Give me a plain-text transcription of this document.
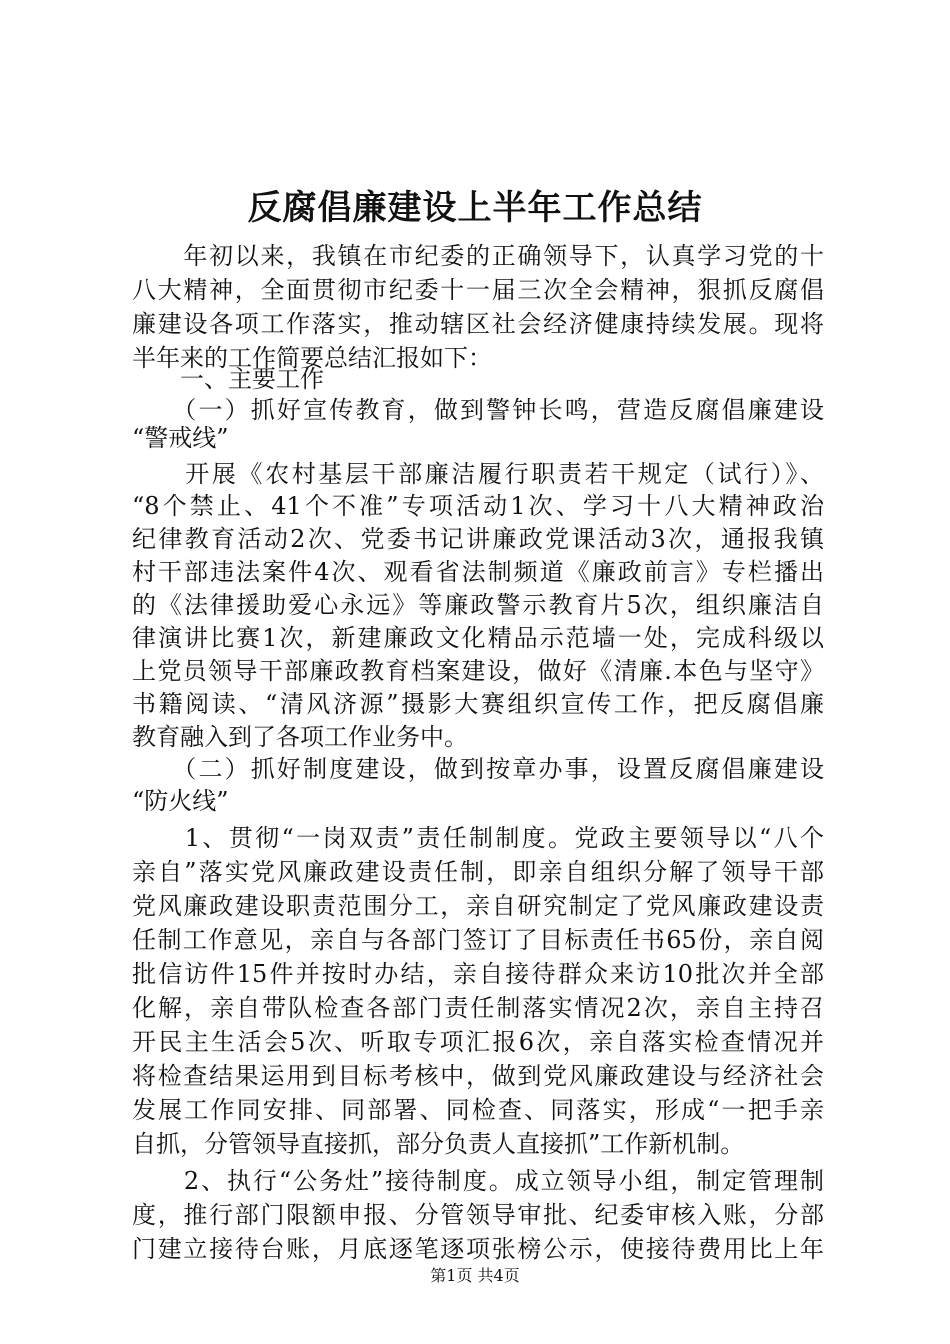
反腐倡廉建设上半年工作总结
　　年初以来，我镇在市纪委的正确领导下，认真学习党的十
八大精神，全面贯彻市纪委十一届三次全会精神，狠抓反腐倡
廉建设各项工作落实，推动辖区社会经济健康持续发展。现将
半年来的工作简要总结汇报如下：
　　一、主要工作
　　（一）抓好宣传教育，做到警钟长鸣，营造反腐倡廉建设
“警戒线”
　　开展《农村基层干部廉洁履行职责若干规定（试行）》、
“8个禁止、41个不准”专项活动1次、学习十八大精神政治
纪律教育活动2次、党委书记讲廉政党课活动3次，通报我镇
村干部违法案件4次、观看省法制频道《廉政前言》专栏播出
的《法律援助爱心永远》等廉政警示教育片5次，组织廉洁自
律演讲比赛1次，新建廉政文化精品示范墙一处，完成科级以
上党员领导干部廉政教育档案建设，做好《清廉.本色与坚守》
书籍阅读、“清风济源”摄影大赛组织宣传工作，把反腐倡廉
教育融入到了各项工作业务中。
　　（二）抓好制度建设，做到按章办事，设置反腐倡廉建设
“防火线”
　　1、贯彻“一岗双责”责任制制度。党政主要领导以“八个
亲自”落实党风廉政建设责任制，即亲自组织分解了领导干部
党风廉政建设职责范围分工，亲自研究制定了党风廉政建设责
任制工作意见，亲自与各部门签订了目标责任书65份，亲自阅
批信访件15件并按时办结，亲自接待群众来访10批次并全部
化解，亲自带队检查各部门责任制落实情况2次，亲自主持召
开民主生活会5次、听取专项汇报6次，亲自落实检查情况并
将检查结果运用到目标考核中，做到党风廉政建设与经济社会
发展工作同安排、同部署、同检查、同落实，形成“一把手亲
自抓，分管领导直接抓，部分负责人直接抓”工作新机制。
　　2、执行“公务灶”接待制度。成立领导小组，制定管理制
度，推行部门限额申报、分管领导审批、纪委审核入账，分部
门建立接待台账，月底逐笔逐项张榜公示，使接待费用比上年
第1页 共4页
